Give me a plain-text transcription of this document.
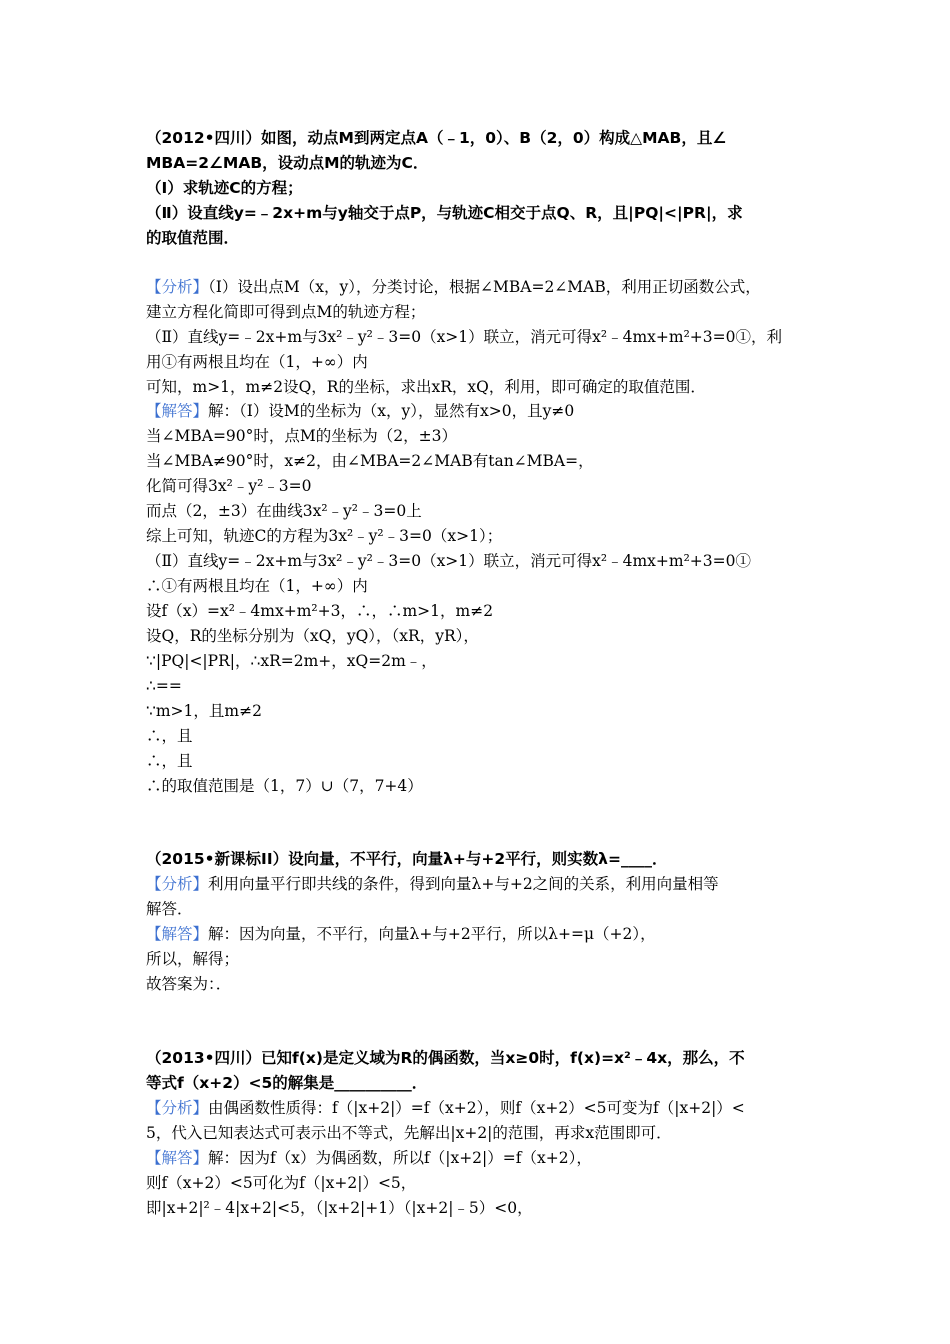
（2012•四川）如图，动点M到两定点A（﹣1，0）、B（2，0）构成△MAB，且∠
MBA=2∠MAB，设动点M的轨迹为C．
（Ⅰ）求轨迹C的方程；
（Ⅱ）设直线y=﹣2x+m与y轴交于点P，与轨迹C相交于点Q、R，且|PQ|<|PR|，求
的取值范围．
【分析】（Ⅰ）设出点M（x，y），分类讨论，根据∠MBA=2∠MAB，利用正切函数公式，
建立方程化简即可得到点M的轨迹方程；
（Ⅱ）直线y=﹣2x+m与3x²﹣y²﹣3=0（x>1）联立，消元可得x²﹣4mx+m²+3=0①，利
用①有两根且均在（1，+∞）内
可知，m>1，m≠2设Q，R的坐标，求出xR，xQ，利用，即可确定的取值范围．
【解答】解：（Ⅰ）设M的坐标为（x，y），显然有x>0，且y≠0
当∠MBA=90°时，点M的坐标为（2，±3）
当∠MBA≠90°时，x≠2，由∠MBA=2∠MAB有tan∠MBA=，
化简可得3x²﹣y²﹣3=0
而点（2，±3）在曲线3x²﹣y²﹣3=0上
综上可知，轨迹C的方程为3x²﹣y²﹣3=0（x>1）；
（Ⅱ）直线y=﹣2x+m与3x²﹣y²﹣3=0（x>1）联立，消元可得x²﹣4mx+m²+3=0①
∴①有两根且均在（1，+∞）内
设f（x）=x²﹣4mx+m²+3，∴，∴m>1，m≠2
设Q，R的坐标分别为（xQ，yQ），（xR，yR），
∵|PQ|<|PR|，∴xR=2m+，xQ=2m﹣，
∴==
∵m>1，且m≠2
∴，且
∴，且
∴的取值范围是（1，7）∪（7，7+4）
（2015•新课标II）设向量，不平行，向量λ+与+2平行，则实数λ=____．
【分析】利用向量平行即共线的条件，得到向量λ+与+2之间的关系，利用向量相等
解答．
【解答】解：因为向量，不平行，向量λ+与+2平行，所以λ+=μ（+2），
所以，解得；
故答案为：．
（2013•四川）已知f(x)是定义域为R的偶函数，当x≥0时，f(x)=x²﹣4x，那么，不
等式f（x+2）<5的解集是__________．
【分析】由偶函数性质得：f（|x+2|）=f（x+2），则f（x+2）<5可变为f（|x+2|）<
5，代入已知表达式可表示出不等式，先解出|x+2|的范围，再求x范围即可．
【解答】解：因为f（x）为偶函数，所以f（|x+2|）=f（x+2），
则f（x+2）<5可化为f（|x+2|）<5，
即|x+2|²﹣4|x+2|<5，（|x+2|+1）（|x+2|﹣5）<0，
